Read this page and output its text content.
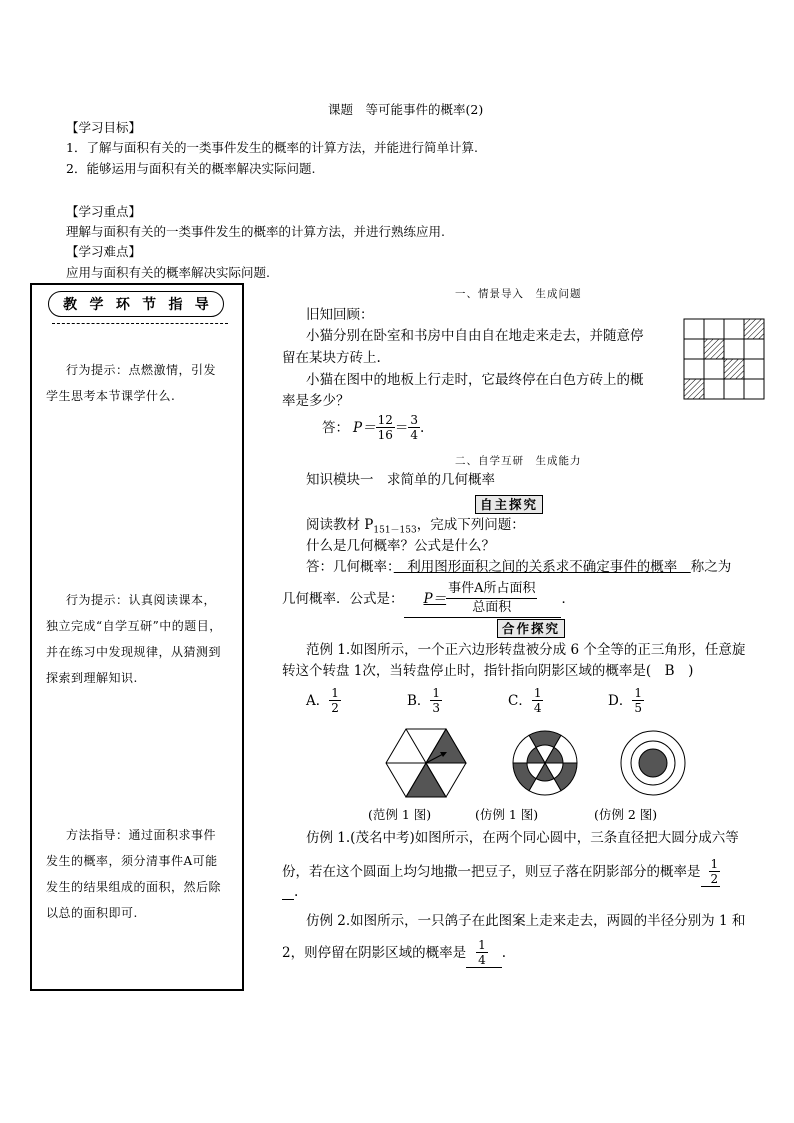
课题　等可能事件的概率(2)
【学习目标】
1．了解与面积有关的一类事件发生的概率的计算方法，并能进行简单计算.
2．能够运用与面积有关的概率解决实际问题.
【学习重点】
理解与面积有关的一类事件发生的概率的计算方法，并进行熟练应用.
【学习难点】
应用与面积有关的概率解决实际问题.
教 学 环 节 指 导
行为提示：点燃激情，引发
学生思考本节课学什么.
行为提示：认真阅读课本，
独立完成“自学互研”中的题目，
并在练习中发现规律，从猜测到
探索到理解知识.
方法指导：通过面积求事件
发生的概率，须分清事件A可能
发生的结果组成的面积，然后除
以总的面积即可.
一、情景导入　生成问题
旧知回顾：
小猫分别在卧室和书房中自由自在地走来走去，并随意停
留在某块方砖上.
小猫在图中的地板上行走时，它最终停在白色方砖上的概
率是多少？
答： $P= \frac{12}{16} = \frac{3}{4}$ .
二、自学互研　生成能力
知识模块一　求简单的几何概率
自主探究
阅读教材 $P_{151-153}$，完成下列问题：
什么是几何概率？公式是什么？
答：几何概率：　利用图形面积之间的关系求不确定事件的概率　称之为
几何概率．公式是： $P= \frac{\text{事件A所占面积}}{\text{总面积}}$ ．
合作探究
范例 1.如图所示，一个正六边形转盘被分成 6 个全等的正三角形，任意旋
转这个转盘 1次，当转盘停止时，指针指向阴影区域的概率是(　B　)
A． $\frac{1}{2}$	B． $\frac{1}{3}$	C． $\frac{1}{4}$	D． $\frac{1}{5}$
(范例 1 图)	(仿例 1 图)	(仿例 2 图)
仿例 1.(茂名中考)如图所示，在两个同心圆中，三条直径把大圆分成六等
份，若在这个圆面上均匀地撒一把豆子，则豆子落在阴影部分的概率是 $\frac{1}{2}$
.
仿例 2.如图所示，一只鸽子在此图案上走来走去，两圆的半径分别为 1 和
2，则停留在阴影区域的概率是 $\frac{1}{4}$ .
